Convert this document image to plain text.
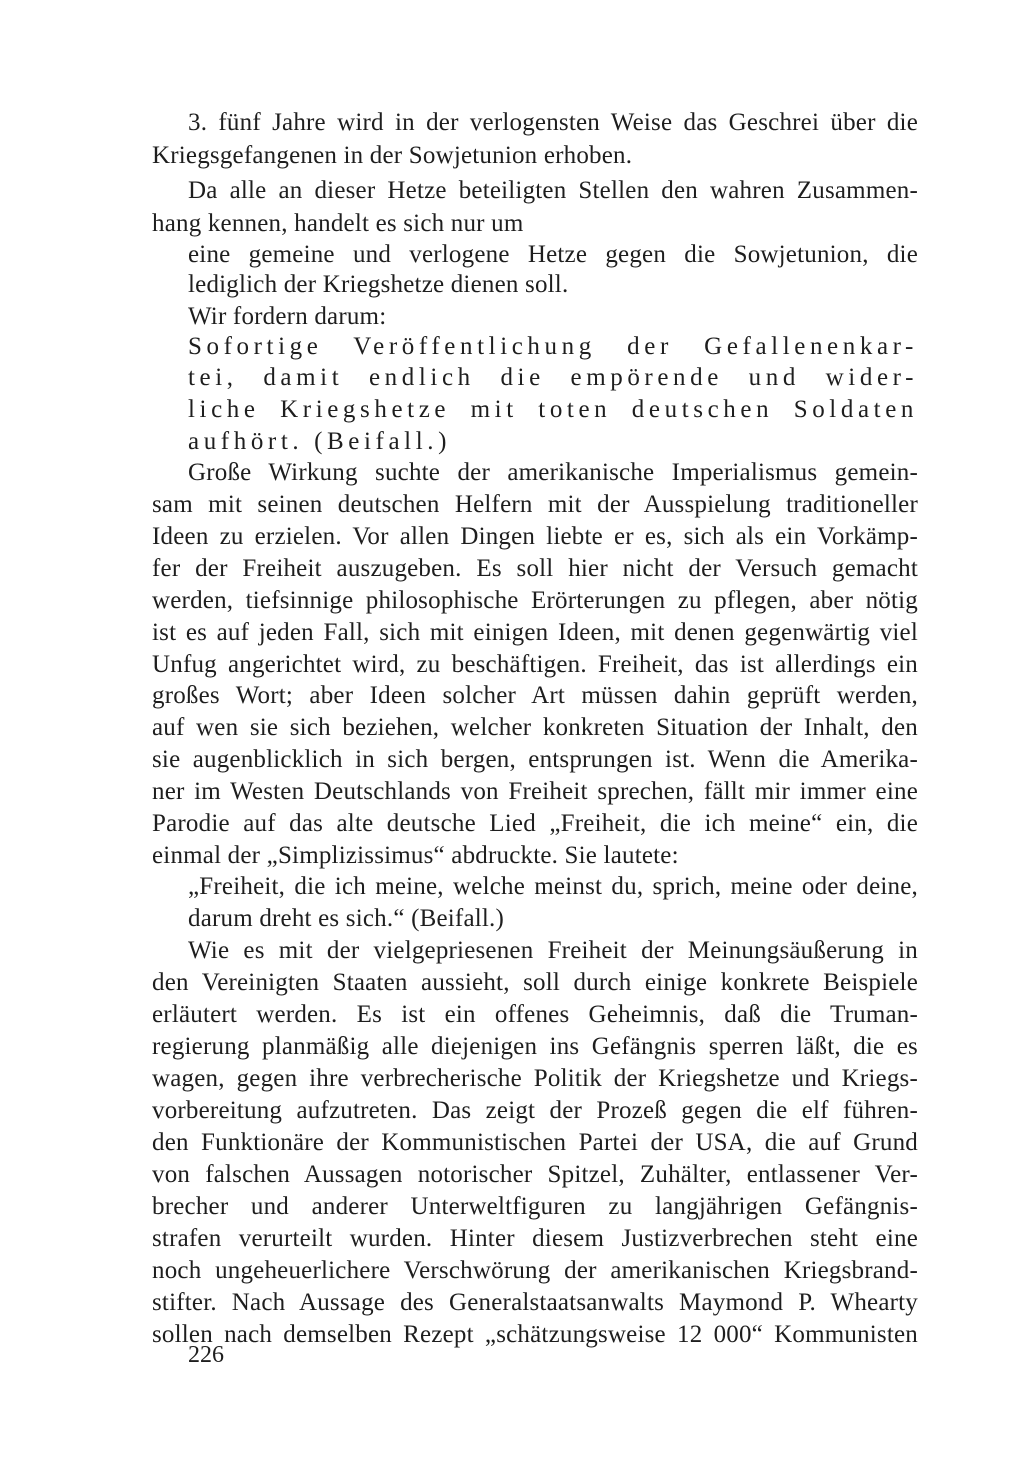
3. fünf Jahre wird in der verlogensten Weise das Geschrei über die
Kriegsgefangenen in der Sowjetunion erhoben.
Da alle an dieser Hetze beteiligten Stellen den wahren Zusammen-
hang kennen, handelt es sich nur um
eine gemeine und verlogene Hetze gegen die Sowjetunion, die
lediglich der Kriegshetze dienen soll.
Wir fordern darum:
Sofortige Veröffentlichung der Gefallenenkar-
tei, damit endlich die empörende und wider-
liche Kriegshetze mit toten deutschen Soldaten
aufhört. (Beifall.)
Große Wirkung suchte der amerikanische Imperialismus gemein-
sam mit seinen deutschen Helfern mit der Ausspielung traditioneller
Ideen zu erzielen. Vor allen Dingen liebte er es, sich als ein Vorkämp-
fer der Freiheit auszugeben. Es soll hier nicht der Versuch gemacht
werden, tiefsinnige philosophische Erörterungen zu pflegen, aber nötig
ist es auf jeden Fall, sich mit einigen Ideen, mit denen gegenwärtig viel
Unfug angerichtet wird, zu beschäftigen. Freiheit, das ist allerdings ein
großes Wort; aber Ideen solcher Art müssen dahin geprüft werden,
auf wen sie sich beziehen, welcher konkreten Situation der Inhalt, den
sie augenblicklich in sich bergen, entsprungen ist. Wenn die Amerika-
ner im Westen Deutschlands von Freiheit sprechen, fällt mir immer eine
Parodie auf das alte deutsche Lied „Freiheit, die ich meine“ ein, die
einmal der „Simplizissimus“ abdruckte. Sie lautete:
„Freiheit, die ich meine, welche meinst du, sprich, meine oder deine,
darum dreht es sich.“ (Beifall.)
Wie es mit der vielgepriesenen Freiheit der Meinungsäußerung in
den Vereinigten Staaten aussieht, soll durch einige konkrete Beispiele
erläutert werden. Es ist ein offenes Geheimnis, daß die Truman-
regierung planmäßig alle diejenigen ins Gefängnis sperren läßt, die es
wagen, gegen ihre verbrecherische Politik der Kriegshetze und Kriegs-
vorbereitung aufzutreten. Das zeigt der Prozeß gegen die elf führen-
den Funktionäre der Kommunistischen Partei der USA, die auf Grund
von falschen Aussagen notorischer Spitzel, Zuhälter, entlassener Ver-
brecher und anderer Unterweltfiguren zu langjährigen Gefängnis-
strafen verurteilt wurden. Hinter diesem Justizverbrechen steht eine
noch ungeheuerlichere Verschwörung der amerikanischen Kriegsbrand-
stifter. Nach Aussage des Generalstaatsanwalts Maymond P. Whearty
sollen nach demselben Rezept „schätzungsweise 12 000“ Kommunisten
226
